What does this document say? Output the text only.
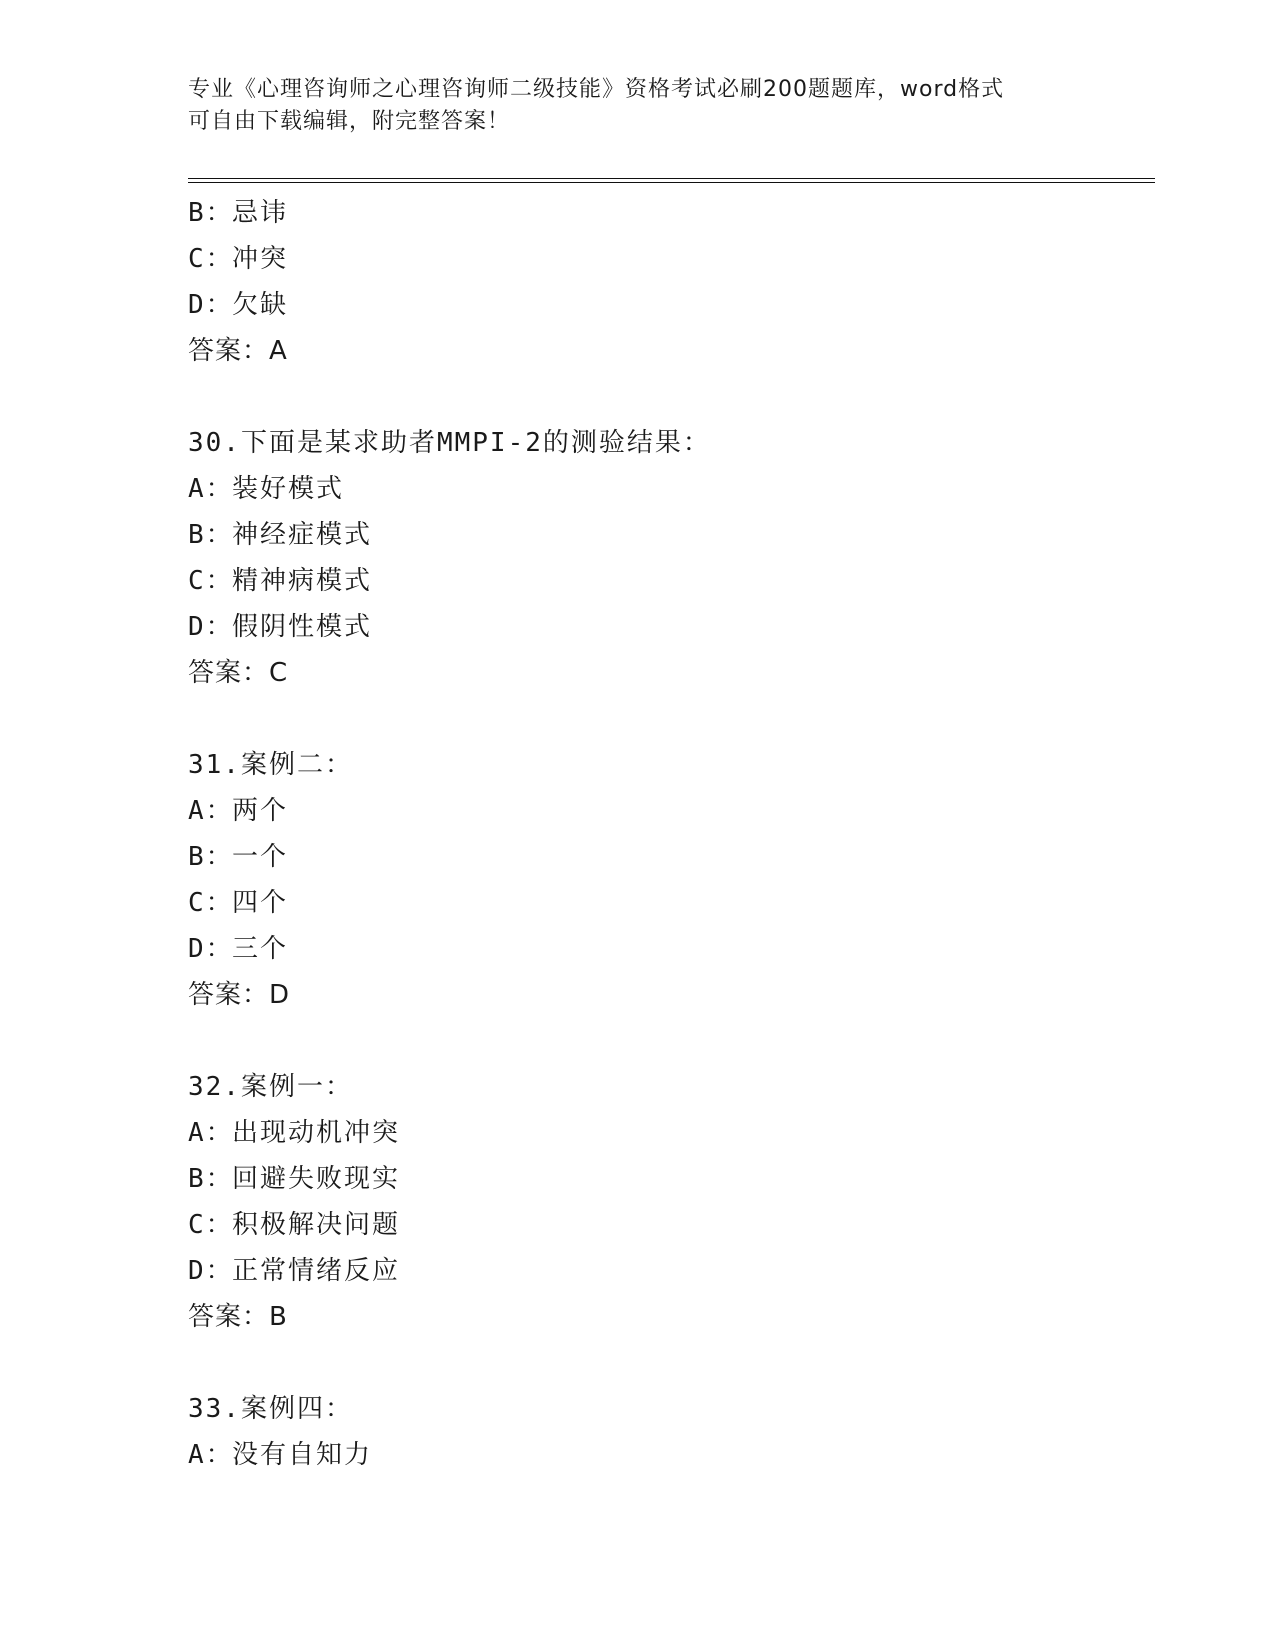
专业《心理咨询师之心理咨询师二级技能》资格考试必刷200题题库，word格式
可自由下载编辑，附完整答案！
B：忌讳
C：冲突
D：欠缺
答案：A
30.下面是某求助者MMPI-2的测验结果：
A：装好模式
B：神经症模式
C：精神病模式
D：假阴性模式
答案：C
31.案例二：
A：两个
B：一个
C：四个
D：三个
答案：D
32.案例一：
A：出现动机冲突
B：回避失败现实
C：积极解决问题
D：正常情绪反应
答案：B
33.案例四：
A：没有自知力
